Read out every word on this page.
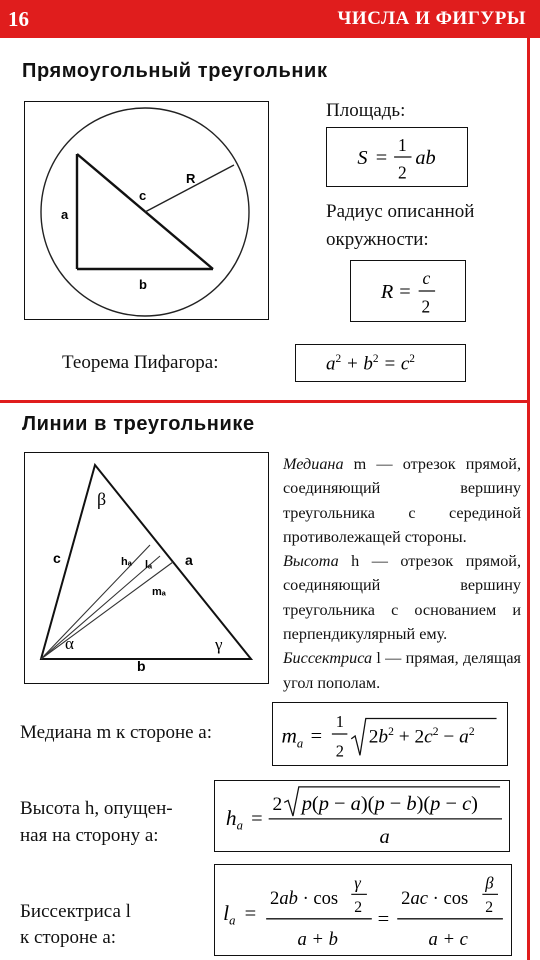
16	ЧИСЛА И ФИГУРЫ
Прямоугольный треугольник
a
b
c
R
Площадь:
S =
1
2
ab
Радиус описанной окружности:
R =
c
2
Теорема Пифагора:	$a^2 + b^2 = c^2$
Линии в треугольнике
β
α	γ
c	a
b
hₐ lₐ
mₐ

Медиана m — отрезок прямой, соединяющий вершину треугольника с серединой противолежащей стороны.

Высота h — отрезок прямой, соединяющий вершину треугольника с основанием и перпендикулярный ему.

Биссектриса l — прямая, делящая угол пополам.

Медиана m к стороне a:	$m_a$ =
1
2
$2b^2 + 2c^2 - a^2$
Высота h, опущен-
ная на сторону a:
$h_a$ =
2 p(p − a)(p − b)(p − c)
a
Биссектриса l
к стороне a:
$l_a$ =
2ab · cos
γ
2
a + b
=
2ac · cos
β
2
a + c
